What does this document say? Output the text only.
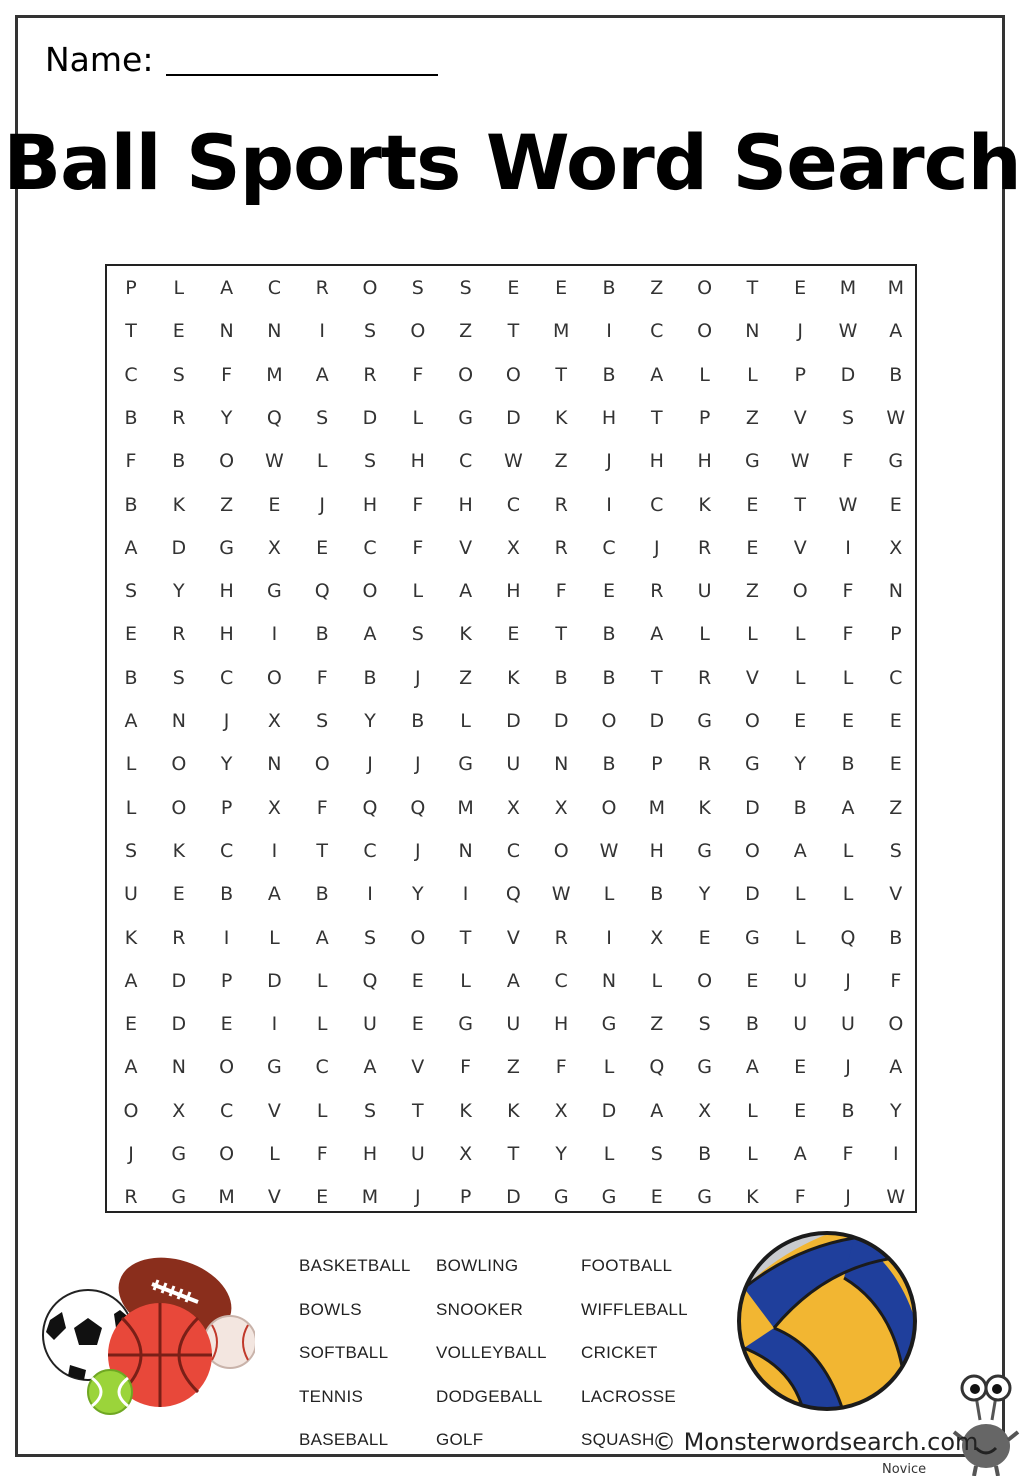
Name:
Ball Sports Word Search
P	L	A	C	R	O	S	S	E	E	B	Z	O	T	E	M	M
T	E	N	N	I	S	O	Z	T	M	I	C	O	N	J	W	A
C	S	F	M	A	R	F	O	O	T	B	A	L	L	P	D	B
B	R	Y	Q	S	D	L	G	D	K	H	T	P	Z	V	S	W
F	B	O	W	L	S	H	C	W	Z	J	H	H	G	W	F	G
B	K	Z	E	J	H	F	H	C	R	I	C	K	E	T	W	E
A	D	G	X	E	C	F	V	X	R	C	J	R	E	V	I	X
S	Y	H	G	Q	O	L	A	H	F	E	R	U	Z	O	F	N
E	R	H	I	B	A	S	K	E	T	B	A	L	L	L	F	P
B	S	C	O	F	B	J	Z	K	B	B	T	R	V	L	L	C
A	N	J	X	S	Y	B	L	D	D	O	D	G	O	E	E	E
L	O	Y	N	O	J	J	G	U	N	B	P	R	G	Y	B	E
L	O	P	X	F	Q	Q	M	X	X	O	M	K	D	B	A	Z
S	K	C	I	T	C	J	N	C	O	W	H	G	O	A	L	S
U	E	B	A	B	I	Y	I	Q	W	L	B	Y	D	L	L	V
K	R	I	L	A	S	O	T	V	R	I	X	E	G	L	Q	B
A	D	P	D	L	Q	E	L	A	C	N	L	O	E	U	J	F
E	D	E	I	L	U	E	G	U	H	G	Z	S	B	U	U	O
A	N	O	G	C	A	V	F	Z	F	L	Q	G	A	E	J	A
O	X	C	V	L	S	T	K	K	X	D	A	X	L	E	B	Y
J	G	O	L	F	H	U	X	T	Y	L	S	B	L	A	F	I
R	G	M	V	E	M	J	P	D	G	G	E	G	K	F	J	W
BASKETBALL BOWLING	FOOTBALL
BOWLS	SNOOKER	WIFFLEBALL
SOFTBALL	VOLLEYBALL CRICKET
TENNIS	DODGEBALL LACROSSE
BASEBALL	GOLF	SQUASH
© Monsterwordsearch.com
Novice
